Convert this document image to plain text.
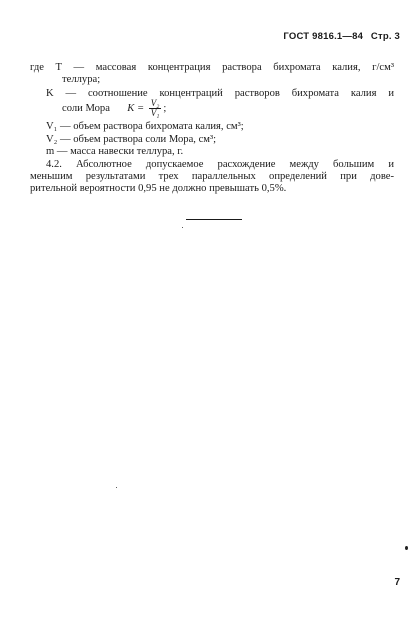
ГОСТ 9816.1—84 Стр. 3
где T — массовая концентрация раствора бихромата калия, г/см³
теллура;
K — соотношение концентраций растворов бихромата калия и
соли Мора $K = \frac{\text{V₂}}{\text{V₁}}$ ;
V₁ — объем раствора бихромата калия, см³;
V₂ — объем раствора соли Мора, см³;
m — масса навески теллура, г.
4.2. Абсолютное допускаемое расхождение между большим и
меньшим результатами трех параллельных определений при дове-
рительной вероятности 0,95 не должно превышать 0,5%.
7
